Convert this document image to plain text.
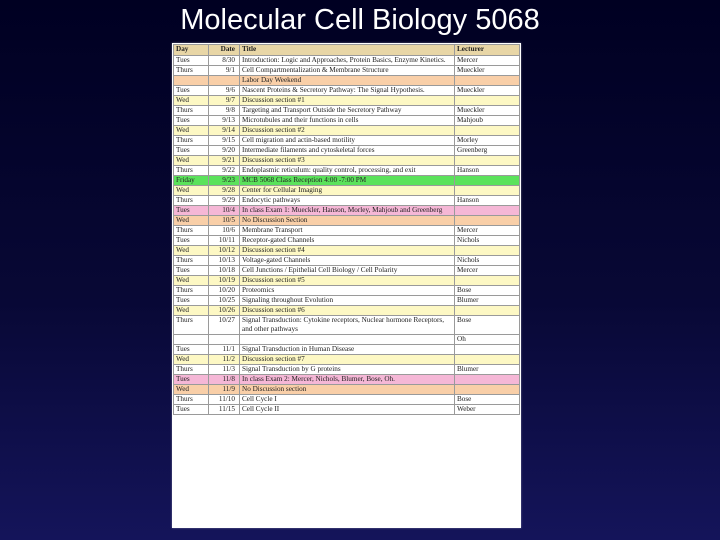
Molecular Cell Biology 5068
Day	Date	Title	Lecturer
Tues	8/30	Introduction: Logic and Approaches, Protein Basics, Enzyme Kinetics.	Mercer
Thurs	9/1	Cell Compartmentalization & Membrane Structure	Mueckler
		Labor Day Weekend	
Tues	9/6	Nascent Proteins & Secretory Pathway: The Signal Hypothesis.	Mueckler
Wed	9/7	Discussion section #1	
Thurs	9/8	Targeting and Transport Outside the Secretory Pathway	Mueckler
Tues	9/13	Microtubules and their functions in cells	Mahjoub
Wed	9/14	Discussion section #2	
Thurs	9/15	Cell migration and actin-based motility	Morley
Tues	9/20	Intermediate filaments and cytoskeletal forces	Greenberg
Wed	9/21	Discussion section #3	
Thurs	9/22	Endoplasmic reticulum: quality control, processing, and exit	Hanson
Friday	9/23	MCB 5068 Class Reception 4:00 -7:00 PM	
Wed	9/28	Center for Cellular Imaging	
Thurs	9/29	Endocytic pathways	Hanson
Tues	10/4	In class Exam 1: Mueckler, Hanson, Morley, Mahjoub and Greenberg	
Wed	10/5	No Discussion Section	
Thurs	10/6	Membrane Transport	Mercer
Tues	10/11	Receptor-gated Channels	Nichols
Wed	10/12	Discussion section #4	
Thurs	10/13	Voltage-gated Channels	Nichols
Tues	10/18	Cell Junctions / Epithelial Cell Biology / Cell Polarity	Mercer
Wed	10/19	Discussion section #5	
Thurs	10/20	Proteomics	Bose
Tues	10/25	Signaling throughout Evolution	Blumer
Wed	10/26	Discussion section #6	
Thurs	10/27	Signal Transduction: Cytokine receptors, Nuclear hormone Receptors, and other pathways	Bose
			Oh
Tues	11/1	Signal Transduction in Human Disease	
Wed	11/2	Discussion section #7	
Thurs	11/3	Signal Transduction by G proteins	Blumer
Tues	11/8	In class Exam 2: Mercer, Nichols, Blumer, Bose, Oh.	
Wed	11/9	No Discussion section	
Thurs	11/10	Cell Cycle I	Bose
Tues	11/15	Cell Cycle II	Weber
